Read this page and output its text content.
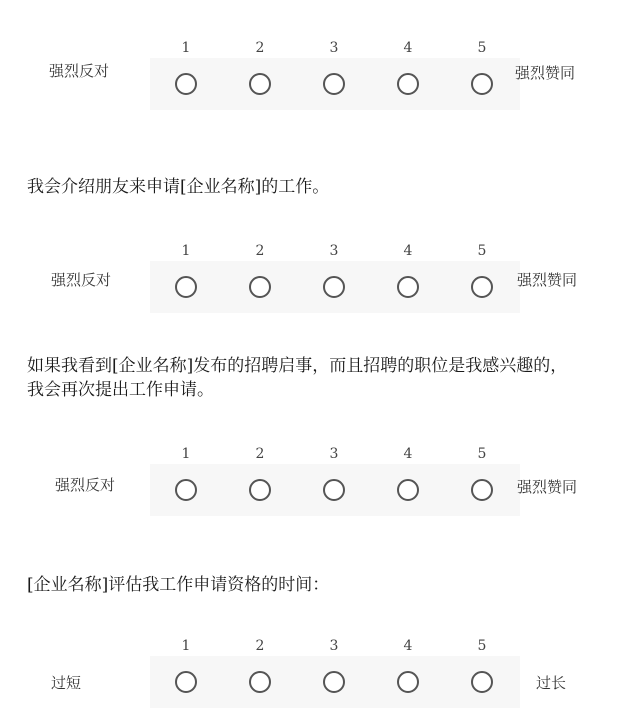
强烈反对
1	2	3	4	5
强烈赞同
我会介绍朋友来申请[企业名称]的工作。
强烈反对
1	2	3	4	5
强烈赞同
如果我看到[企业名称]发布的招聘启事，而且招聘的职位是我感兴趣的，我会再次提出工作申请。
强烈反对
1	2	3	4	5
强烈赞同
[企业名称]评估我工作申请资格的时间：
过短
1	2	3	4	5
过长
